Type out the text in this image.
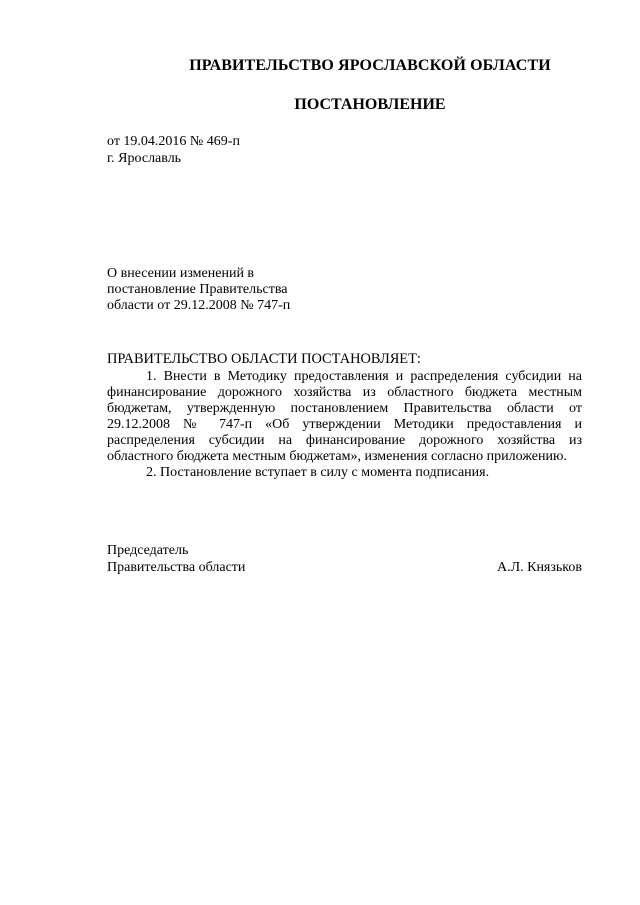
ПРАВИТЕЛЬСТВО ЯРОСЛАВСКОЙ ОБЛАСТИ
ПОСТАНОВЛЕНИЕ
от 19.04.2016 № 469-п
г. Ярославль
О внесении изменений в
постановление Правительства
области от 29.12.2008 № 747-п
ПРАВИТЕЛЬСТВО ОБЛАСТИ ПОСТАНОВЛЯЕТ:

1. Внести в Методику предоставления и распределения субсидии на финансирование дорожного хозяйства из областного бюджета местным бюджетам, утвержденную постановлением Правительства области от 29.12.2008 № 747-п «Об утверждении Методики предоставления и распределения субсидии на финансирование дорожного хозяйства из областного бюджета местным бюджетам», изменения согласно приложению.

2. Постановление вступает в силу с момента подписания.

Председатель
Правительства области	А.Л. Князьков
